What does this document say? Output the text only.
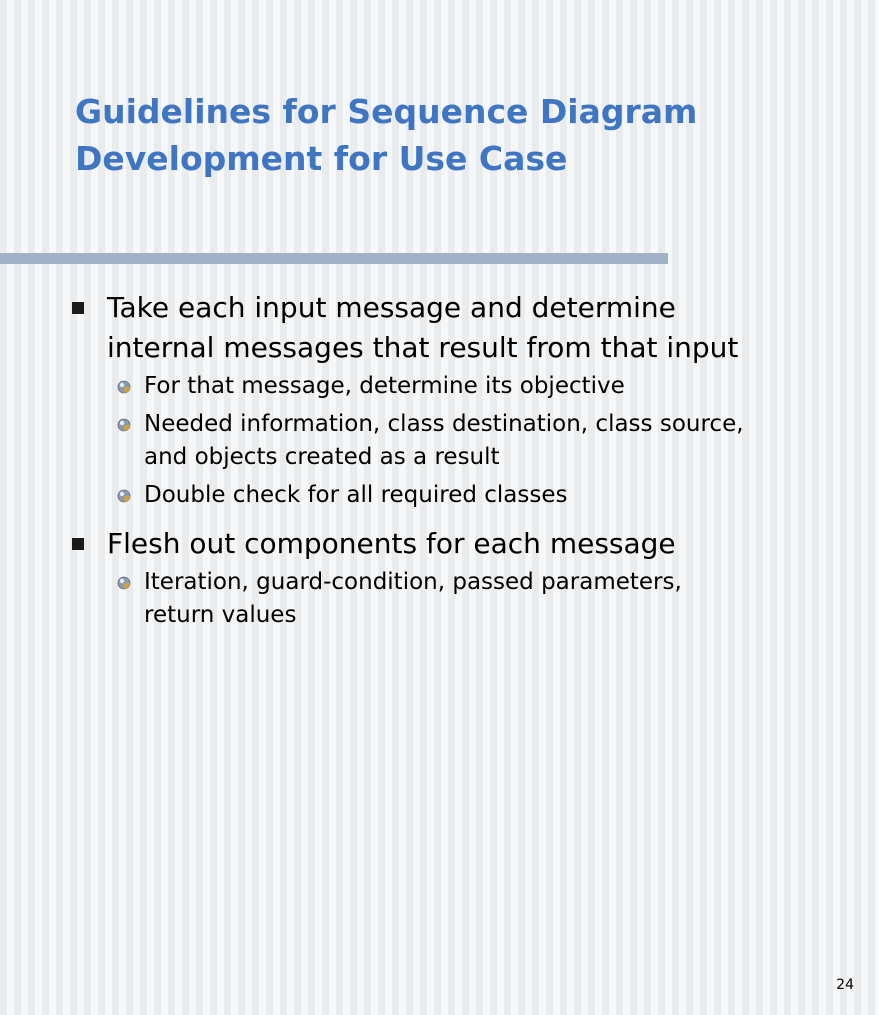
Guidelines for Sequence Diagram
Development for Use Case
Take each input message and determine
internal messages that result from that input
For that message, determine its objective
Needed information, class destination, class source,
and objects created as a result
Double check for all required classes
Flesh out components for each message
Iteration, guard-condition, passed parameters,
return values
24
